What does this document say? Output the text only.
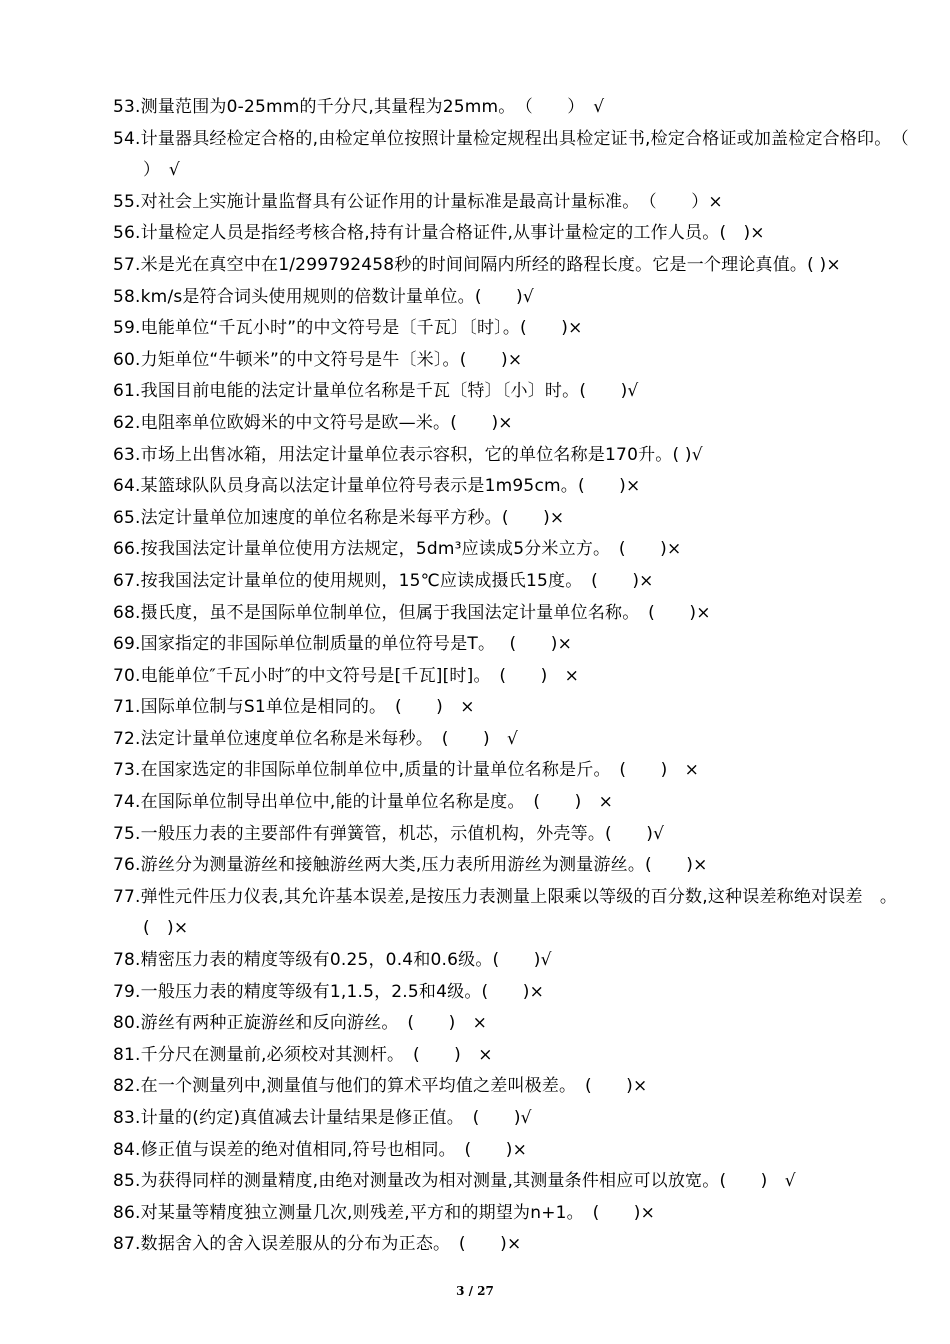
53.测量范围为0-25mm的千分尺,其量程为25mm。　（　　）　√
54.计量器具经检定合格的,由检定单位按照计量检定规程出具检定证书,检定合格证或加盖检定合格印。　（　　）　√
55.对社会上实施计量监督具有公证作用的计量标准是最高计量标准。　（　　）×
56.计量检定人员是指经考核合格,持有计量合格证件,从事计量检定的工作人员。(　)×
57.米是光在真空中在1/299792458秒的时间间隔内所经的路程长度。它是一个理论真值。( )×
58.km/s是符合词头使用规则的倍数计量单位。(　　)√
59.电能单位“千瓦小时”的中文符号是〔千瓦〕〔时〕。(　　)×
60.力矩单位“牛顿米”的中文符号是牛〔米〕。(　　)×
61.我国目前电能的法定计量单位名称是千瓦〔特〕〔小〕时。(　　)√
62.电阻率单位欧姆米的中文符号是欧—米。(　　)×
63.市场上出售冰箱，用法定计量单位表示容积，它的单位名称是170升。( )√
64.某篮球队队员身高以法定计量单位符号表示是1m95cm。(　　)×
65.法定计量单位加速度的单位名称是米每平方秒。(　　)×
66.按我国法定计量单位使用方法规定，5dm³应读成5分米立方。　(　　)×
67.按我国法定计量单位的使用规则，15℃应读成摄氏15度。　(　　)×
68.摄氏度，虽不是国际单位制单位，但属于我国法定计量单位名称。　(　　)×
69.国家指定的非国际单位制质量的单位符号是T。　 (　　)×
70.电能单位″千瓦小时″的中文符号是[千瓦][时]。　(　　)　×
71.国际单位制与S1单位是相同的。　(　　)　×
72.法定计量单位速度单位名称是米每秒。　(　　)　√
73.在国家选定的非国际单位制单位中,质量的计量单位名称是斤。　(　　)　×
74.在国际单位制导出单位中,能的计量单位名称是度。　(　　)　×
75.一般压力表的主要部件有弹簧管，机芯，示值机构，外壳等。(　　)√
76.游丝分为测量游丝和接触游丝两大类,压力表所用游丝为测量游丝。(　　)×
77.弹性元件压力仪表,其允许基本误差,是按压力表测量上限乘以等级的百分数,这种误差称绝对误差　。(　)×
78.精密压力表的精度等级有0.25，0.4和0.6级。(　　)√
79.一般压力表的精度等级有1,1.5，2.5和4级。(　　)×
80.游丝有两种正旋游丝和反向游丝。　(　　)　×
81.千分尺在测量前,必须校对其测杆。　(　　)　×
82.在一个测量列中,测量值与他们的算术平均值之差叫极差。　(　　)×
83.计量的(约定)真值减去计量结果是修正值。　(　　)√
84.修正值与误差的绝对值相同,符号也相同。　(　　)×
85.为获得同样的测量精度,由绝对测量改为相对测量,其测量条件相应可以放宽。(　　)　√
86.对某量等精度独立测量几次,则残差,平方和的期望为n+1。　(　　)×
87.数据舍入的舍入误差服从的分布为正态。　(　　)×
3 / 27
